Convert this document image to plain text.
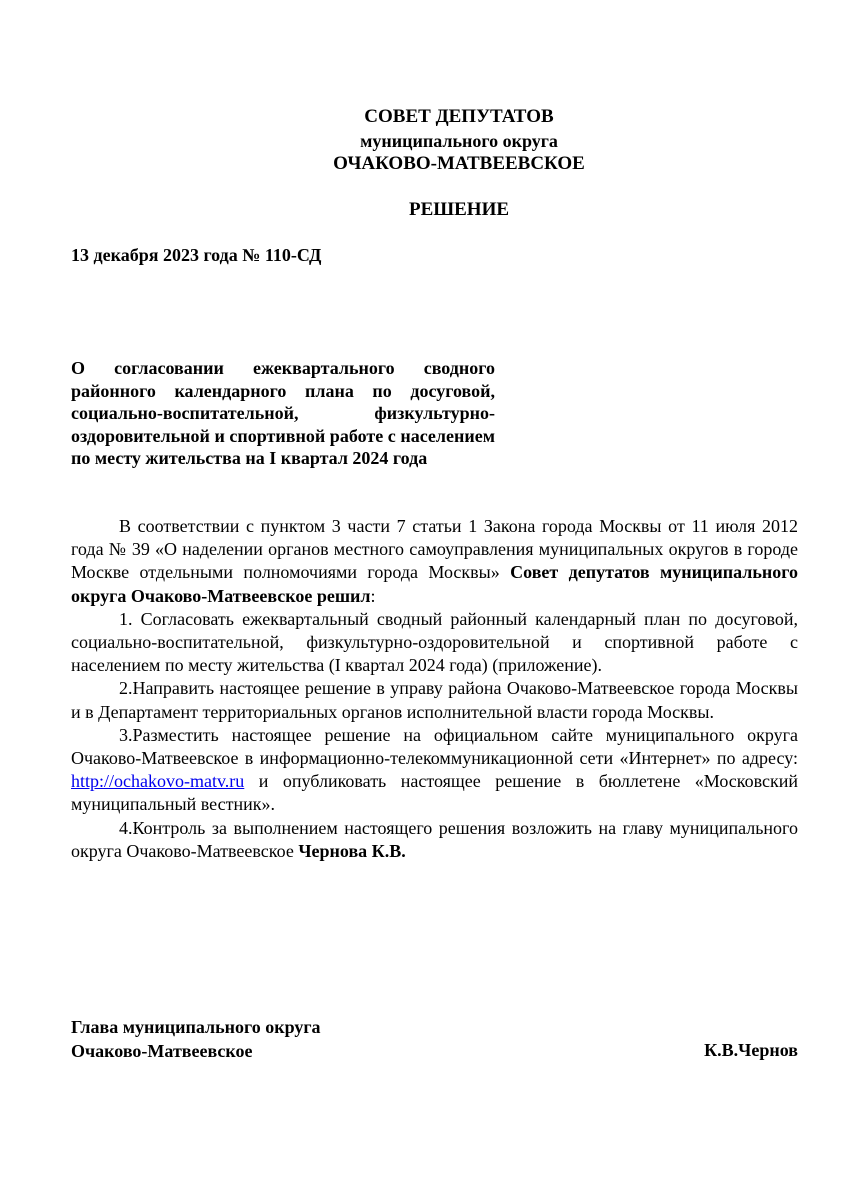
СОВЕТ ДЕПУТАТОВ
муниципального округа
ОЧАКОВО-МАТВЕЕВСКОЕ
РЕШЕНИЕ
13 декабря 2023 года № 110-СД
О согласовании ежеквартального сводного районного календарного плана по досуговой, социально-воспитательной, физкультурно-оздоровительной и спортивной работе с населением по месту жительства на I квартал 2024 года

В соответствии с пунктом 3 части 7 статьи 1 Закона города Москвы от 11 июля 2012 года № 39 «О наделении органов местного самоуправления муниципальных округов в городе Москве отдельными полномочиями города Москвы» Совет депутатов муниципального округа Очаково-Матвеевское решил:

1. Согласовать ежеквартальный сводный районный календарный план по досуговой, социально-воспитательной, физкультурно-оздоровительной и спортивной работе с населением по месту жительства (I квартал 2024 года) (приложение).

2.Направить настоящее решение в управу района Очаково-Матвеевское города Москвы и в Департамент территориальных органов исполнительной власти города Москвы.

3.Разместить настоящее решение на официальном сайте муниципального округа Очаково-Матвеевское в информационно-телекоммуникационной сети «Интернет» по адресу: http://ochakovo-matv.ru и опубликовать настоящее решение в бюллетене «Московский муниципальный вестник».

4.Контроль за выполнением настоящего решения возложить на главу муниципального округа Очаково-Матвеевское Чернова К.В.

Глава муниципального округа
Очаково-Матвеевское	К.В.Чернов
